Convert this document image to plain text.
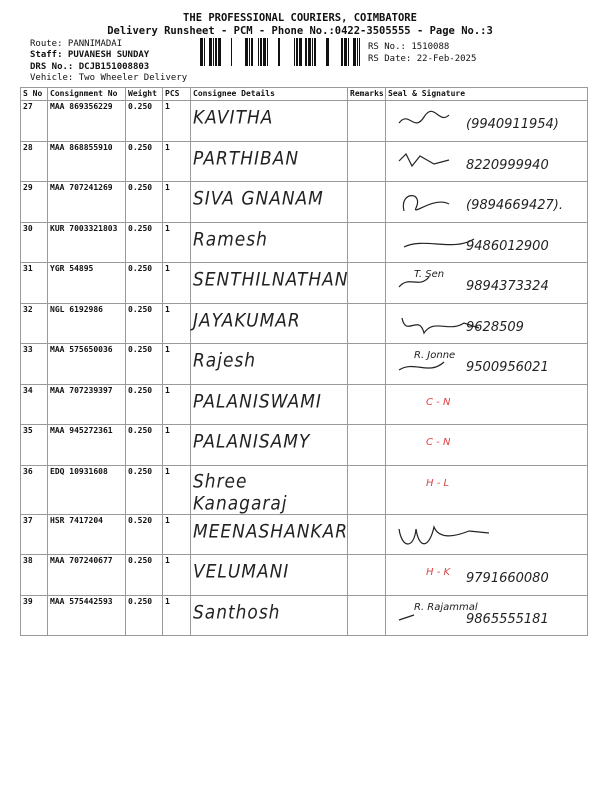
THE PROFESSIONAL COURIERS, COIMBATORE
Delivery Runsheet - PCM - Phone No.:0422-3505555 - Page No.:3
Route: PANNIMADAI
Staff: PUVANESH SUNDAY
DRS No.: DCJB151008803
Vehicle: Two Wheeler Delivery
RS No.: 1510088
RS Date: 22-Feb-2025
S No	Consignment No	Weight	PCS	Consignee Details	Remarks	Seal & Signature
27	MAA 869356229	0.250	1	KAVITHA		(9940911954)

28	MAA 868855910	0.250	1	PARTHIBAN		8220999940

29	MAA 707241269	0.250	1	SIVA GNANAM		(9894669427).

30	KUR 7003321803	0.250	1	Ramesh		9486012900

31	YGR 54895	0.250	1	SENTHILNATHAN		T. Sen
9894373324

32	NGL 6192986	0.250	1	JAYAKUMAR		9628509

33	MAA 575650036	0.250	1	Rajesh		R. Jonne
9500956021

34	MAA 707239397	0.250	1	PALANISWAMI		C - N

35	MAA 945272361	0.250	1	PALANISAMY		C - N

36	EDQ 10931608	0.250	1	Shree Kanagaraj		H - L

37	HSR 7417204	0.520	1	MEENASHANKAR

38	MAA 707240677	0.250	1	VELUMANI		H - K 9791660080

39	MAA 575442593	0.250	1	Santhosh		R. Rajammal
9865555181
